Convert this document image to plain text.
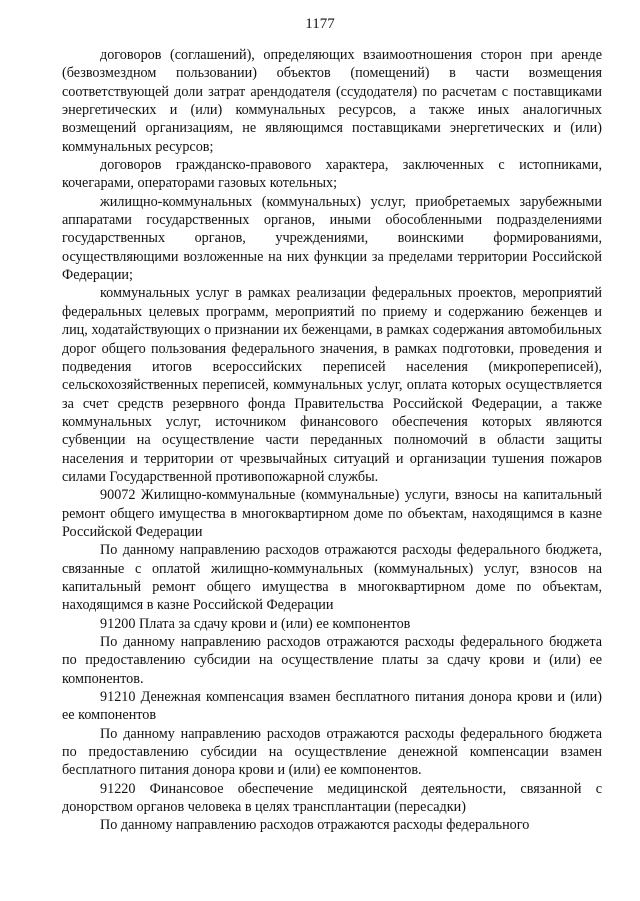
1177

договоров (соглашений), определяющих взаимоотношения сторон при аренде (безвозмездном пользовании) объектов (помещений) в части возмещения соответствующей доли затрат арендодателя (ссудодателя) по расчетам с поставщиками энергетических и (или) коммунальных ресурсов, а также иных аналогичных возмещений организациям, не являющимся поставщиками энергетических и (или) коммунальных ресурсов;

договоров гражданско-правового характера, заключенных с истопниками, кочегарами, операторами газовых котельных;

жилищно-коммунальных (коммунальных) услуг, приобретаемых зарубежными аппаратами государственных органов, иными обособленными подразделениями государственных органов, учреждениями, воинскими формированиями, осуществляющими возложенные на них функции за пределами территории Российской Федерации;

коммунальных услуг в рамках реализации федеральных проектов, мероприятий федеральных целевых программ, мероприятий по приему и содержанию беженцев и лиц, ходатайствующих о признании их беженцами, в рамках содержания автомобильных дорог общего пользования федерального значения, в рамках подготовки, проведения и подведения итогов всероссийских переписей населения (микропереписей), сельскохозяйственных переписей, коммунальных услуг, оплата которых осуществляется за счет средств резервного фонда Правительства Российской Федерации, а также коммунальных услуг, источником финансового обеспечения которых являются субвенции на осуществление части переданных полномочий в области защиты населения и территории от чрезвычайных ситуаций и организации тушения пожаров силами Государственной противопожарной службы.

90072 Жилищно-коммунальные (коммунальные) услуги, взносы на капитальный ремонт общего имущества в многоквартирном доме по объектам, находящимся в казне Российской Федерации

По данному направлению расходов отражаются расходы федерального бюджета, связанные с оплатой жилищно-коммунальных (коммунальных) услуг, взносов на капитальный ремонт общего имущества в многоквартирном доме по объектам, находящимся в казне Российской Федерации

91200 Плата за сдачу крови и (или) ее компонентов

По данному направлению расходов отражаются расходы федерального бюджета по предоставлению субсидии на осуществление платы за сдачу крови и (или) ее компонентов.

91210 Денежная компенсация взамен бесплатного питания донора крови и (или) ее компонентов

По данному направлению расходов отражаются расходы федерального бюджета по предоставлению субсидии на осуществление денежной компенсации взамен бесплатного питания донора крови и (или) ее компонентов.

91220 Финансовое обеспечение медицинской деятельности, связанной с донорством органов человека в целях трансплантации (пересадки)

По данному направлению расходов отражаются расходы федерального
